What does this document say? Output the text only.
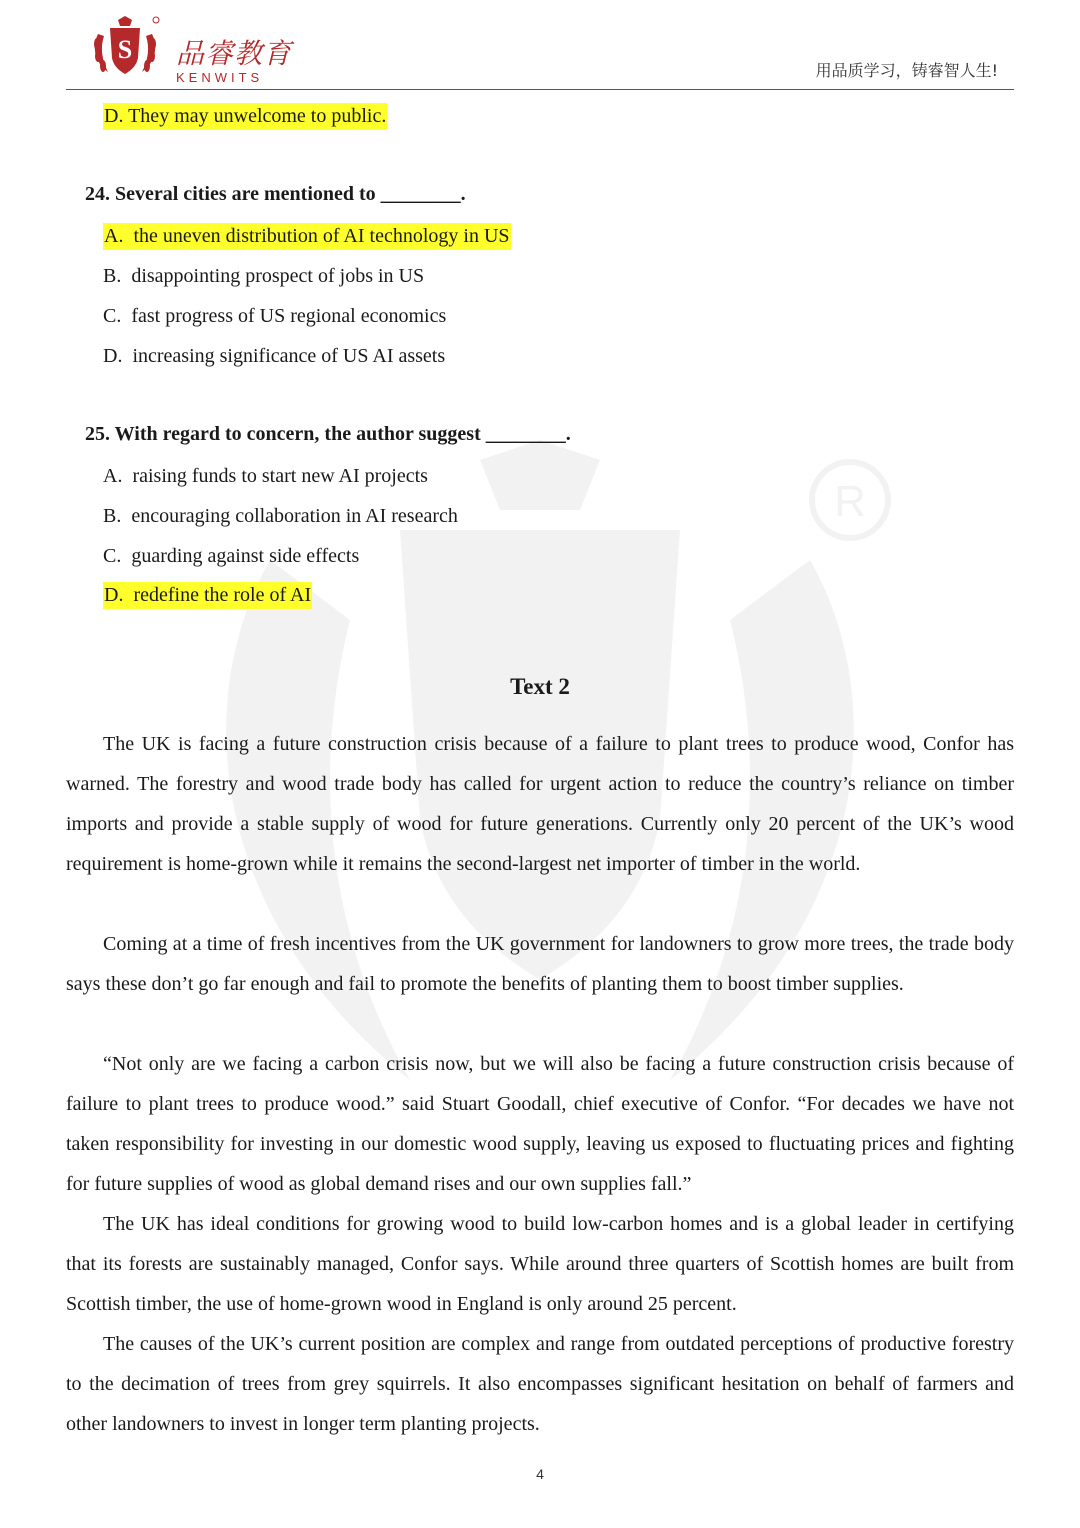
S 品睿教育
KENWITS	用品质学习，铸睿智人生!
R
D. They may unwelcome to public.
24. Several cities are mentioned to ________.
A. the uneven distribution of AI technology in US
B. disappointing prospect of jobs in US
C. fast progress of US regional economics
D. increasing significance of US AI assets
25. With regard to concern, the author suggest ________.
A. raising funds to start new AI projects
B. encouraging collaboration in AI research
C. guarding against side effects
D. redefine the role of AI
Text 2
The UK is facing a future construction crisis because of a failure to plant trees to produce wood, Confor has warned. The forestry and wood trade body has called for urgent action to reduce the country’s reliance on timber imports and provide a stable supply of wood for future generations. Currently only 20 percent of the UK’s wood requirement is home-grown while it remains the second-largest net importer of timber in the world.
Coming at a time of fresh incentives from the UK government for landowners to grow more trees, the trade body says these don’t go far enough and fail to promote the benefits of planting them to boost timber supplies.
“Not only are we facing a carbon crisis now, but we will also be facing a future construction crisis because of failure to plant trees to produce wood.” said Stuart Goodall, chief executive of Confor. “For decades we have not taken responsibility for investing in our domestic wood supply, leaving us exposed to fluctuating prices and fighting for future supplies of wood as global demand rises and our own supplies fall.”
The UK has ideal conditions for growing wood to build low-carbon homes and is a global leader in certifying that its forests are sustainably managed, Confor says. While around three quarters of Scottish homes are built from Scottish timber, the use of home-grown wood in England is only around 25 percent.
The causes of the UK’s current position are complex and range from outdated perceptions of productive forestry to the decimation of trees from grey squirrels. It also encompasses significant hesitation on behalf of farmers and other landowners to invest in longer term planting projects.
4
